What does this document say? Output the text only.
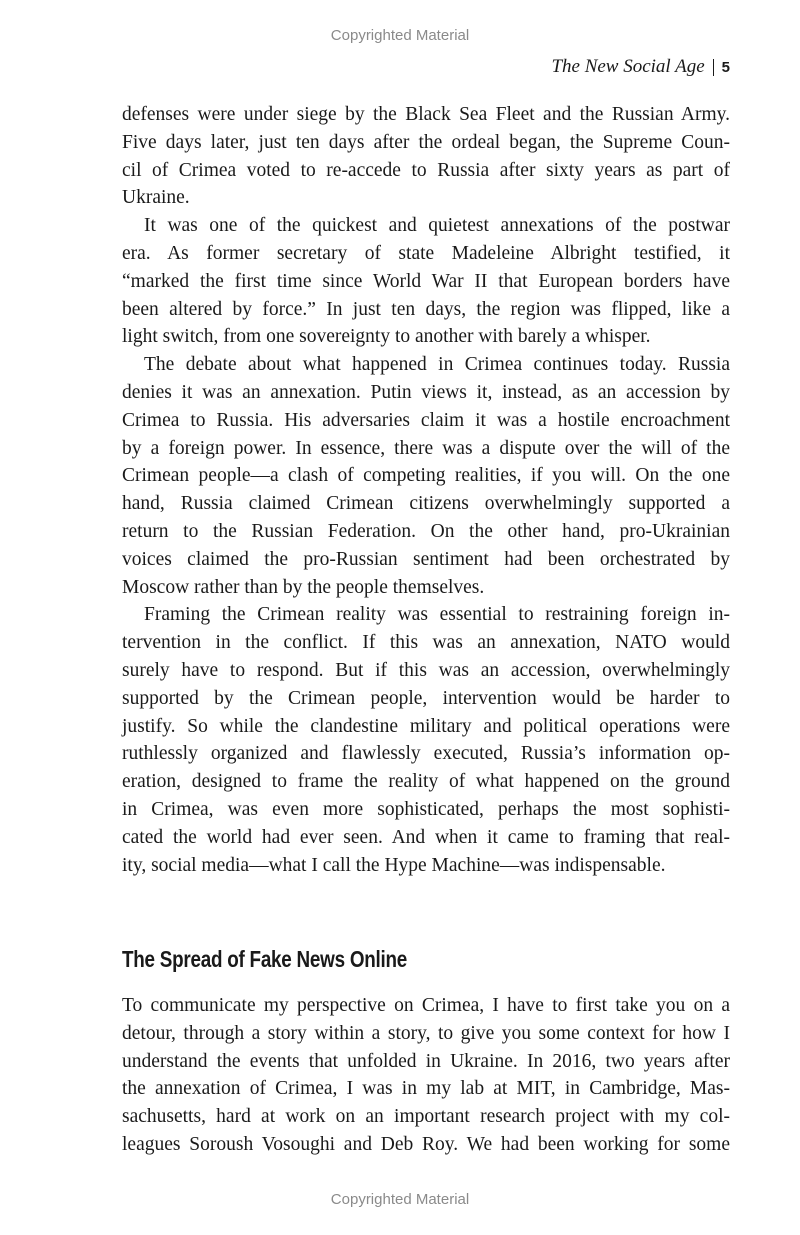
Copyrighted Material
The New Social Age 5
defenses were under siege by the Black Sea Fleet and the Russian Army.
Five days later, just ten days after the ordeal began, the Supreme Coun-
cil of Crimea voted to re-accede to Russia after sixty years as part of
Ukraine.
It was one of the quickest and quietest annexations of the postwar
era. As former secretary of state Madeleine Albright testified, it
“marked the first time since World War II that European borders have
been altered by force.” In just ten days, the region was flipped, like a
light switch, from one sovereignty to another with barely a whisper.
The debate about what happened in Crimea continues today. Russia
denies it was an annexation. Putin views it, instead, as an accession by
Crimea to Russia. His adversaries claim it was a hostile encroachment
by a foreign power. In essence, there was a dispute over the will of the
Crimean people—a clash of competing realities, if you will. On the one
hand, Russia claimed Crimean citizens overwhelmingly supported a
return to the Russian Federation. On the other hand, pro-Ukrainian
voices claimed the pro-Russian sentiment had been orchestrated by
Moscow rather than by the people themselves.
Framing the Crimean reality was essential to restraining foreign in-
tervention in the conflict. If this was an annexation, NATO would
surely have to respond. But if this was an accession, overwhelmingly
supported by the Crimean people, intervention would be harder to
justify. So while the clandestine military and political operations were
ruthlessly organized and flawlessly executed, Russia’s information op-
eration, designed to frame the reality of what happened on the ground
in Crimea, was even more sophisticated, perhaps the most sophisti-
cated the world had ever seen. And when it came to framing that real-
ity, social media—what I call the Hype Machine—was indispensable.
The Spread of Fake News Online
To communicate my perspective on Crimea, I have to first take you on a
detour, through a story within a story, to give you some context for how I
understand the events that unfolded in Ukraine. In 2016, two years after
the annexation of Crimea, I was in my lab at MIT, in Cambridge, Mas-
sachusetts, hard at work on an important research project with my col-
leagues Soroush Vosoughi and Deb Roy. We had been working for some
Copyrighted Material
